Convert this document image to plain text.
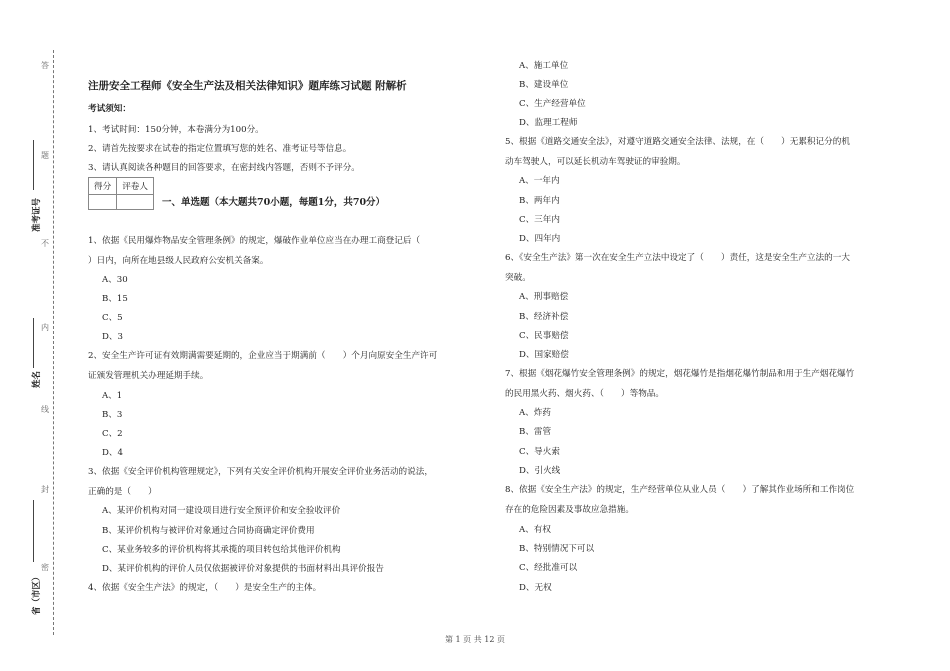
答
题
不
内
线
封
密
准考证号
姓名
省（市区）
注册安全工程师《安全生产法及相关法律知识》题库练习试题 附解析
考试须知：
1、考试时间：150分钟，本卷满分为100分。
2、请首先按要求在试卷的指定位置填写您的姓名、准考证号等信息。
3、请认真阅读各种题目的回答要求，在密封线内答题，否则不予评分。
得分	评卷人

一、单选题（本大题共70小题，每题1分，共70分）
1、依据《民用爆炸物品安全管理条例》的规定，爆破作业单位应当在办理工商登记后（
）日内，向所在地县级人民政府公安机关备案。
A、30
B、15
C、5
D、3
2、安全生产许可证有效期满需要延期的，企业应当于期满前（　　）个月向原安全生产许可
证颁发管理机关办理延期手续。
A、1
B、3
C、2
D、4
3、依据《安全评价机构管理规定》，下列有关安全评价机构开展安全评价业务活动的说法，
正确的是（　　）
A、某评价机构对同一建设项目进行安全预评价和安全验收评价
B、某评价机构与被评价对象通过合同协商确定评价费用
C、某业务较多的评价机构将其承揽的项目转包给其他评价机构
D、某评价机构的评价人员仅依据被评价对象提供的书面材料出具评价报告
4、依据《安全生产法》的规定，（　　）是安全生产的主体。
A、施工单位
B、建设单位
C、生产经营单位
D、监理工程师
5、根据《道路交通安全法》，对遵守道路交通安全法律、法规，在（　　）无累积记分的机
动车驾驶人，可以延长机动车驾驶证的审验期。
A、一年内
B、两年内
C、三年内
D、四年内
6、《安全生产法》第一次在安全生产立法中设定了（　　）责任，这是安全生产立法的一大
突破。
A、刑事赔偿
B、经济补偿
C、民事赔偿
D、国家赔偿
7、根据《烟花爆竹安全管理条例》的规定，烟花爆竹是指烟花爆竹制品和用于生产烟花爆竹
的民用黑火药、烟火药、（　　）等物品。
A、炸药
B、雷管
C、导火索
D、引火线
8、依据《安全生产法》的规定，生产经营单位从业人员（　　）了解其作业场所和工作岗位
存在的危险因素及事故应急措施。
A、有权
B、特别情况下可以
C、经批准可以
D、无权
第 1 页 共 12 页
